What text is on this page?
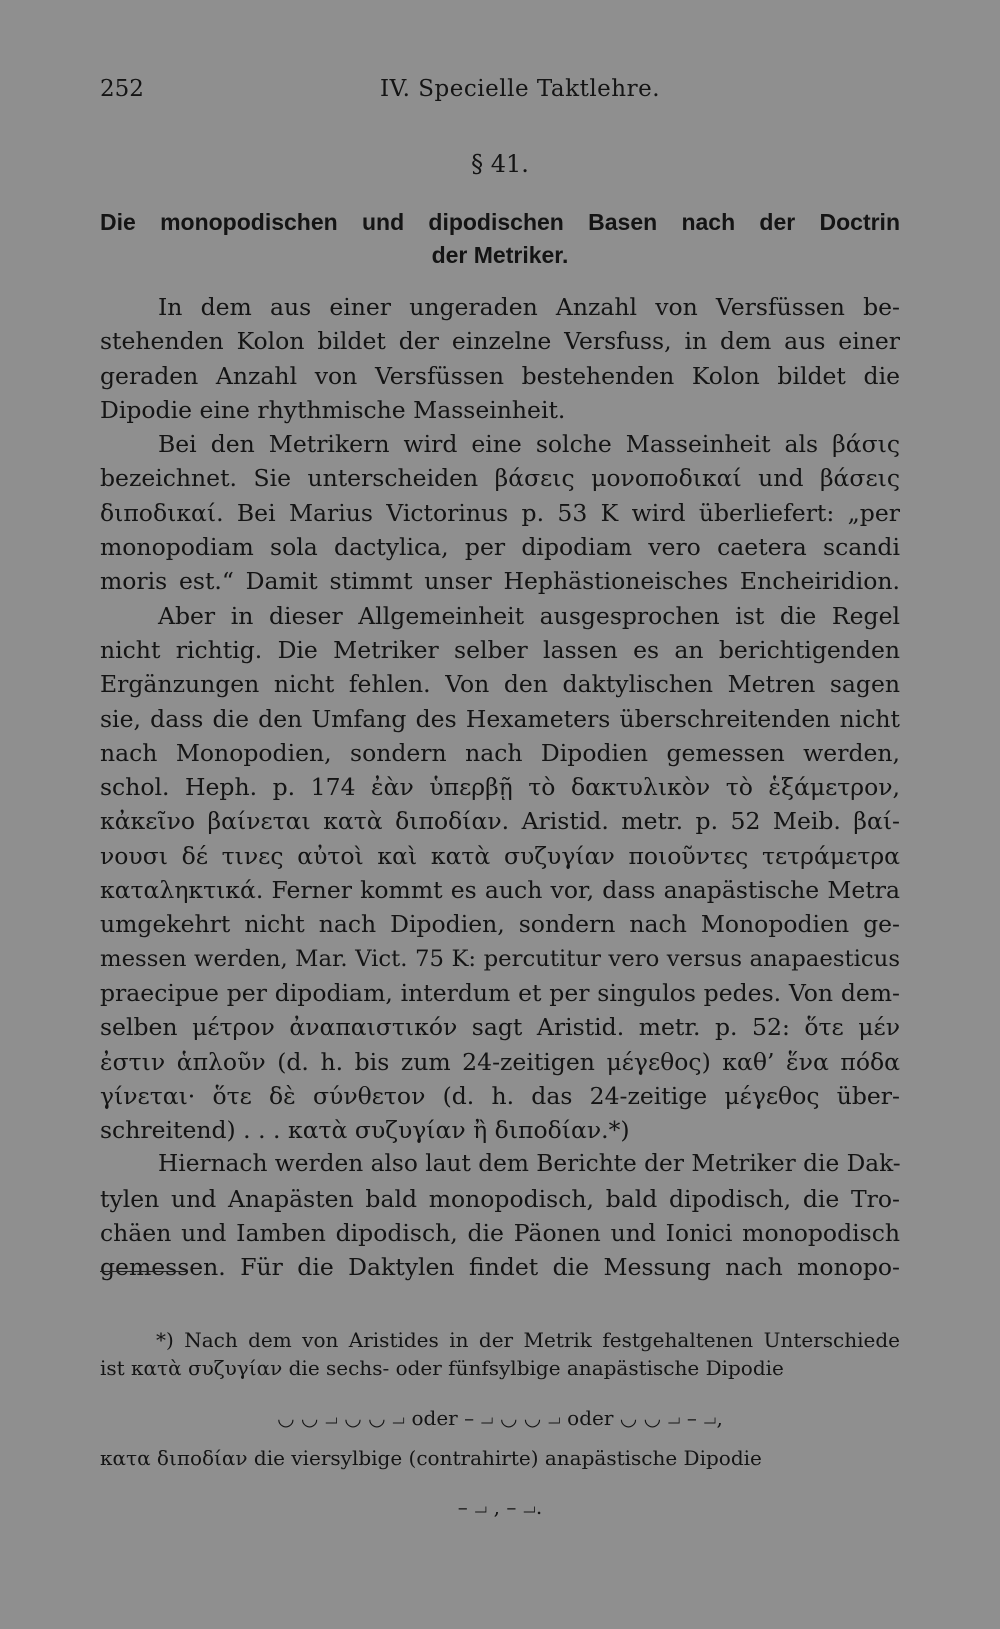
252	IV. Specielle Taktlehre.
§ 41.
Die monopodischen und dipodischen Basen nach der Doctrin
der Metriker.
In dem aus einer ungeraden Anzahl von Versfüssen be-
stehenden Kolon bildet der einzelne Versfuss, in dem aus einer
geraden Anzahl von Versfüssen bestehenden Kolon bildet die
Dipodie eine rhythmische Masseinheit.
Bei den Metrikern wird eine solche Masseinheit als βάσις
bezeichnet. Sie unterscheiden βάσεις μονοποδικαί und βάσεις
διποδικαί. Bei Marius Victorinus p. 53 K wird überliefert: „per
monopodiam sola dactylica, per dipodiam vero caetera scandi
moris est.“ Damit stimmt unser Hephästioneisches Encheiridion.
Aber in dieser Allgemeinheit ausgesprochen ist die Regel
nicht richtig. Die Metriker selber lassen es an berichtigenden
Ergänzungen nicht fehlen. Von den daktylischen Metren sagen
sie, dass die den Umfang des Hexameters überschreitenden nicht
nach Monopodien, sondern nach Dipodien gemessen werden,
schol. Heph. p. 174 ἐὰν ὑπερβῇ τὸ δακτυλικὸν τὸ ἑξάμετρον,
κἀκεῖνο βαίνεται κατὰ διποδίαν. Aristid. metr. p. 52 Meib. βαί-
νουσι δέ τινες αὐτοὶ καὶ κατὰ συζυγίαν ποιοῦντες τετράμετρα
καταληκτικά. Ferner kommt es auch vor, dass anapästische Metra
umgekehrt nicht nach Dipodien, sondern nach Monopodien ge-
messen werden, Mar. Vict. 75 K: percutitur vero versus anapaesticus
praecipue per dipodiam, interdum et per singulos pedes. Von dem-
selben μέτρον ἀναπαιστικόν sagt Aristid. metr. p. 52: ὅτε μέν
ἐστιν ἁπλοῦν (d. h. bis zum 24-zeitigen μέγεθος) καθ’ ἕνα πόδα
γίνεται· ὅτε δὲ σύνθετον (d. h. das 24-zeitige μέγεθος über-
schreitend) . . . κατὰ συζυγίαν ἢ διποδίαν.*)
Hiernach werden also laut dem Berichte der Metriker die Dak-
tylen und Anapästen bald monopodisch, bald dipodisch, die Tro-
chäen und Iamben dipodisch, die Päonen und Ionici monopodisch
gemessen. Für die Daktylen findet die Messung nach monopo-
*) Nach dem von Aristides in der Metrik festgehaltenen Unterschiede
ist κατὰ συζυγίαν die sechs- oder fünfsylbige anapästische Dipodie
◡ ◡ ⏗ ◡ ◡ ⏗ oder – ⏗ ◡ ◡ ⏗ oder ◡ ◡ ⏗ – ⏗,
κατα διποδίαν die viersylbige (contrahirte) anapästische Dipodie
– ⏗ , – ⏗.
